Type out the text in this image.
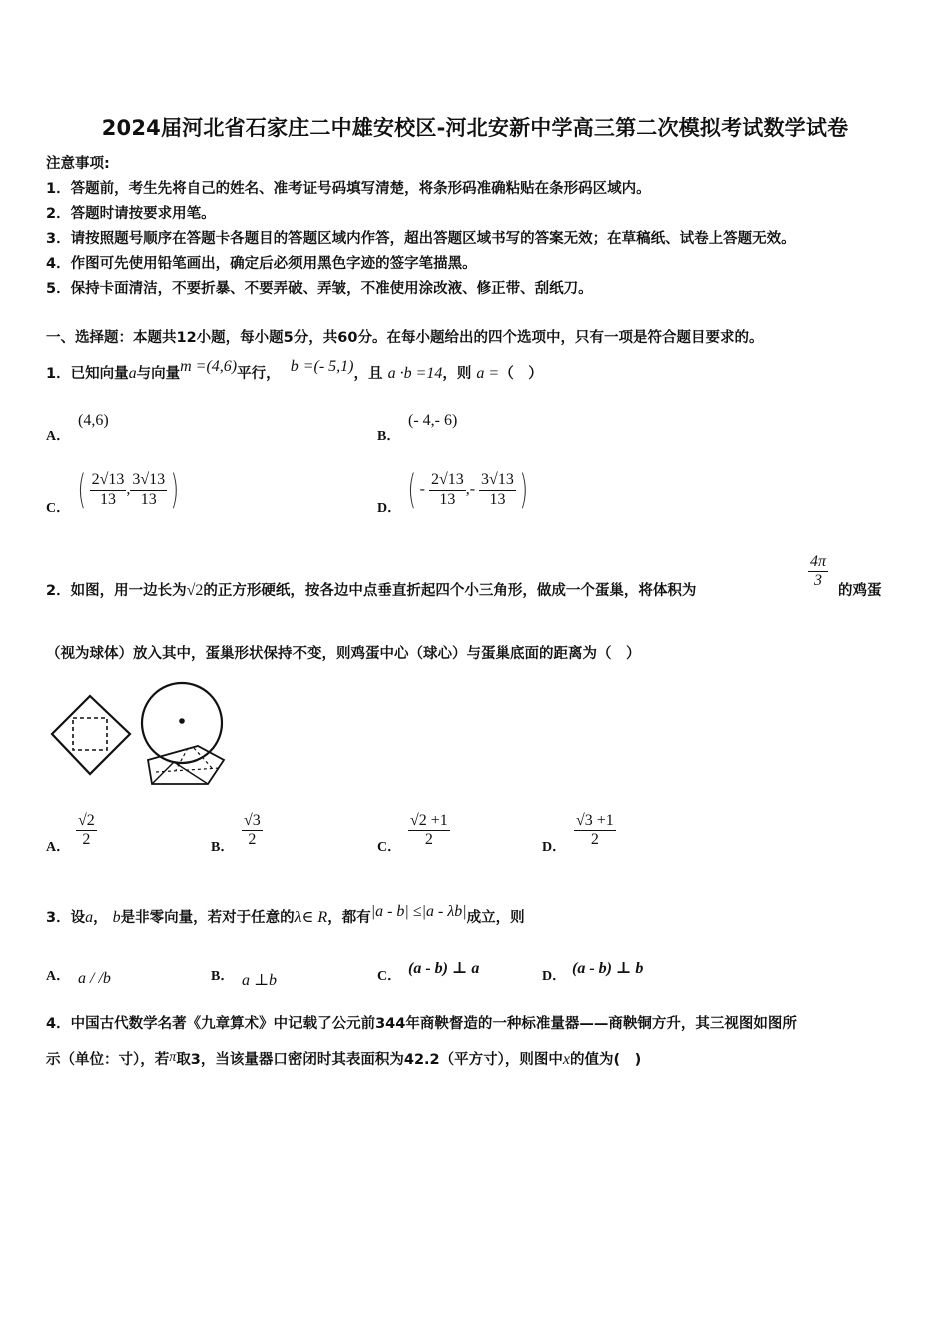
2024届河北省石家庄二中雄安校区-河北安新中学高三第二次模拟考试数学试卷
注意事项:
1．答题前，考生先将自己的姓名、准考证号码填写清楚，将条形码准确粘贴在条形码区域内。
2．答题时请按要求用笔。
3．请按照题号顺序在答题卡各题目的答题区域内作答，超出答题区域书写的答案无效；在草稿纸、试卷上答题无效。
4．作图可先使用铅笔画出，确定后必须用黑色字迹的签字笔描黑。
5．保持卡面清洁，不要折暴、不要弄破、弄皱，不准使用涂改液、修正带、刮纸刀。
一、选择题：本题共12小题，每小题5分，共60分。在每小题给出的四个选项中，只有一项是符合题目要求的。
1．已知向量a与向量m =(4,6)平行， b =(- 5,1)，且 a ·b =14，则 a =（　）
A．
(4,6)
B．
(- 4,- 6)
C． ( $\frac{2√13}{13}$ , $\frac{3√13}{13}$ )	D． ( - $\frac{2√13}{13}$ ,- $\frac{3√13}{13}$ )
2．如图，用一边长为√2的正方形硬纸，按各边中点垂直折起四个小三角形，做成一个蛋巢，将体积为
$\frac{4\pi}{3}$
的鸡蛋
（视为球体）放入其中，蛋巢形状保持不变，则鸡蛋中心（球心）与蛋巢底面的距离为（　）
A． $\frac{√2}{2}$	B． $\frac{√3}{2}$	C． $\frac{√2 +1}{2}$	D． $\frac{√3 +1}{2}$
3．设a， b是非零向量，若对于任意的λ∈ R，都有|a - b| ≤|a - λb|成立，则
A． a / /b	B． a ⊥b	C． (a - b) ⊥ a	D． (a - b) ⊥ b
4．中国古代数学名著《九章算术》中记载了公元前344年商鞅督造的一种标准量器——商鞅铜方升，其三视图如图所
示（单位：寸），若π取3，当该量器口密闭时其表面积为42.2（平方寸），则图中x的值为(　)
